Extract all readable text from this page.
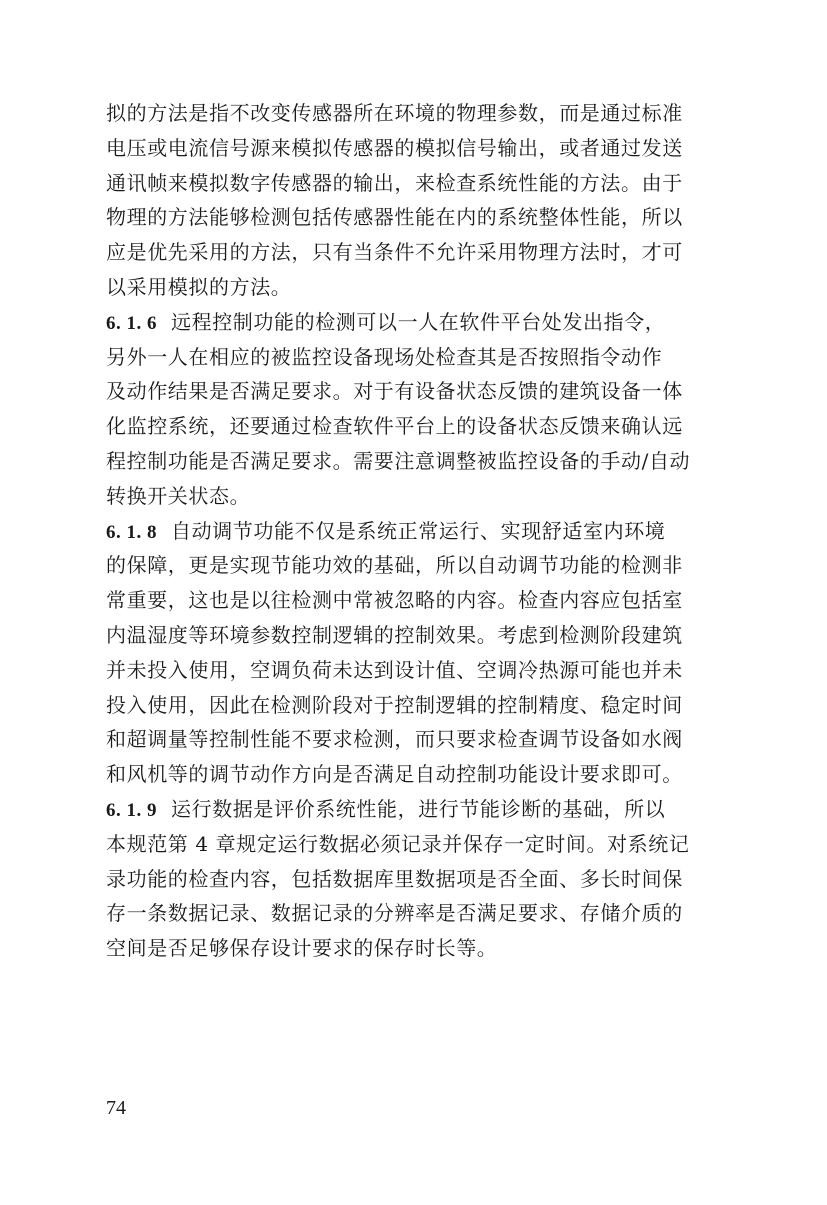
拟的方法是指不改变传感器所在环境的物理参数，而是通过标准
电压或电流信号源来模拟传感器的模拟信号输出，或者通过发送
通讯帧来模拟数字传感器的输出，来检查系统性能的方法。由于
物理的方法能够检测包括传感器性能在内的系统整体性能，所以
应是优先采用的方法，只有当条件不允许采用物理方法时，才可
以采用模拟的方法。
6. 1. 6 远程控制功能的检测可以一人在软件平台处发出指令，
另外一人在相应的被监控设备现场处检查其是否按照指令动作
及动作结果是否满足要求。对于有设备状态反馈的建筑设备一体
化监控系统，还要通过检查软件平台上的设备状态反馈来确认远
程控制功能是否满足要求。需要注意调整被监控设备的手动/自动
转换开关状态。
6. 1. 8 自动调节功能不仅是系统正常运行、实现舒适室内环境
的保障，更是实现节能功效的基础，所以自动调节功能的检测非
常重要，这也是以往检测中常被忽略的内容。检查内容应包括室
内温湿度等环境参数控制逻辑的控制效果。考虑到检测阶段建筑
并未投入使用，空调负荷未达到设计值、空调冷热源可能也并未
投入使用，因此在检测阶段对于控制逻辑的控制精度、稳定时间
和超调量等控制性能不要求检测，而只要求检查调节设备如水阀
和风机等的调节动作方向是否满足自动控制功能设计要求即可。
6. 1. 9 运行数据是评价系统性能，进行节能诊断的基础，所以
本规范第 4 章规定运行数据必须记录并保存一定时间。对系统记
录功能的检查内容，包括数据库里数据项是否全面、多长时间保
存一条数据记录、数据记录的分辨率是否满足要求、存储介质的
空间是否足够保存设计要求的保存时长等。
74
